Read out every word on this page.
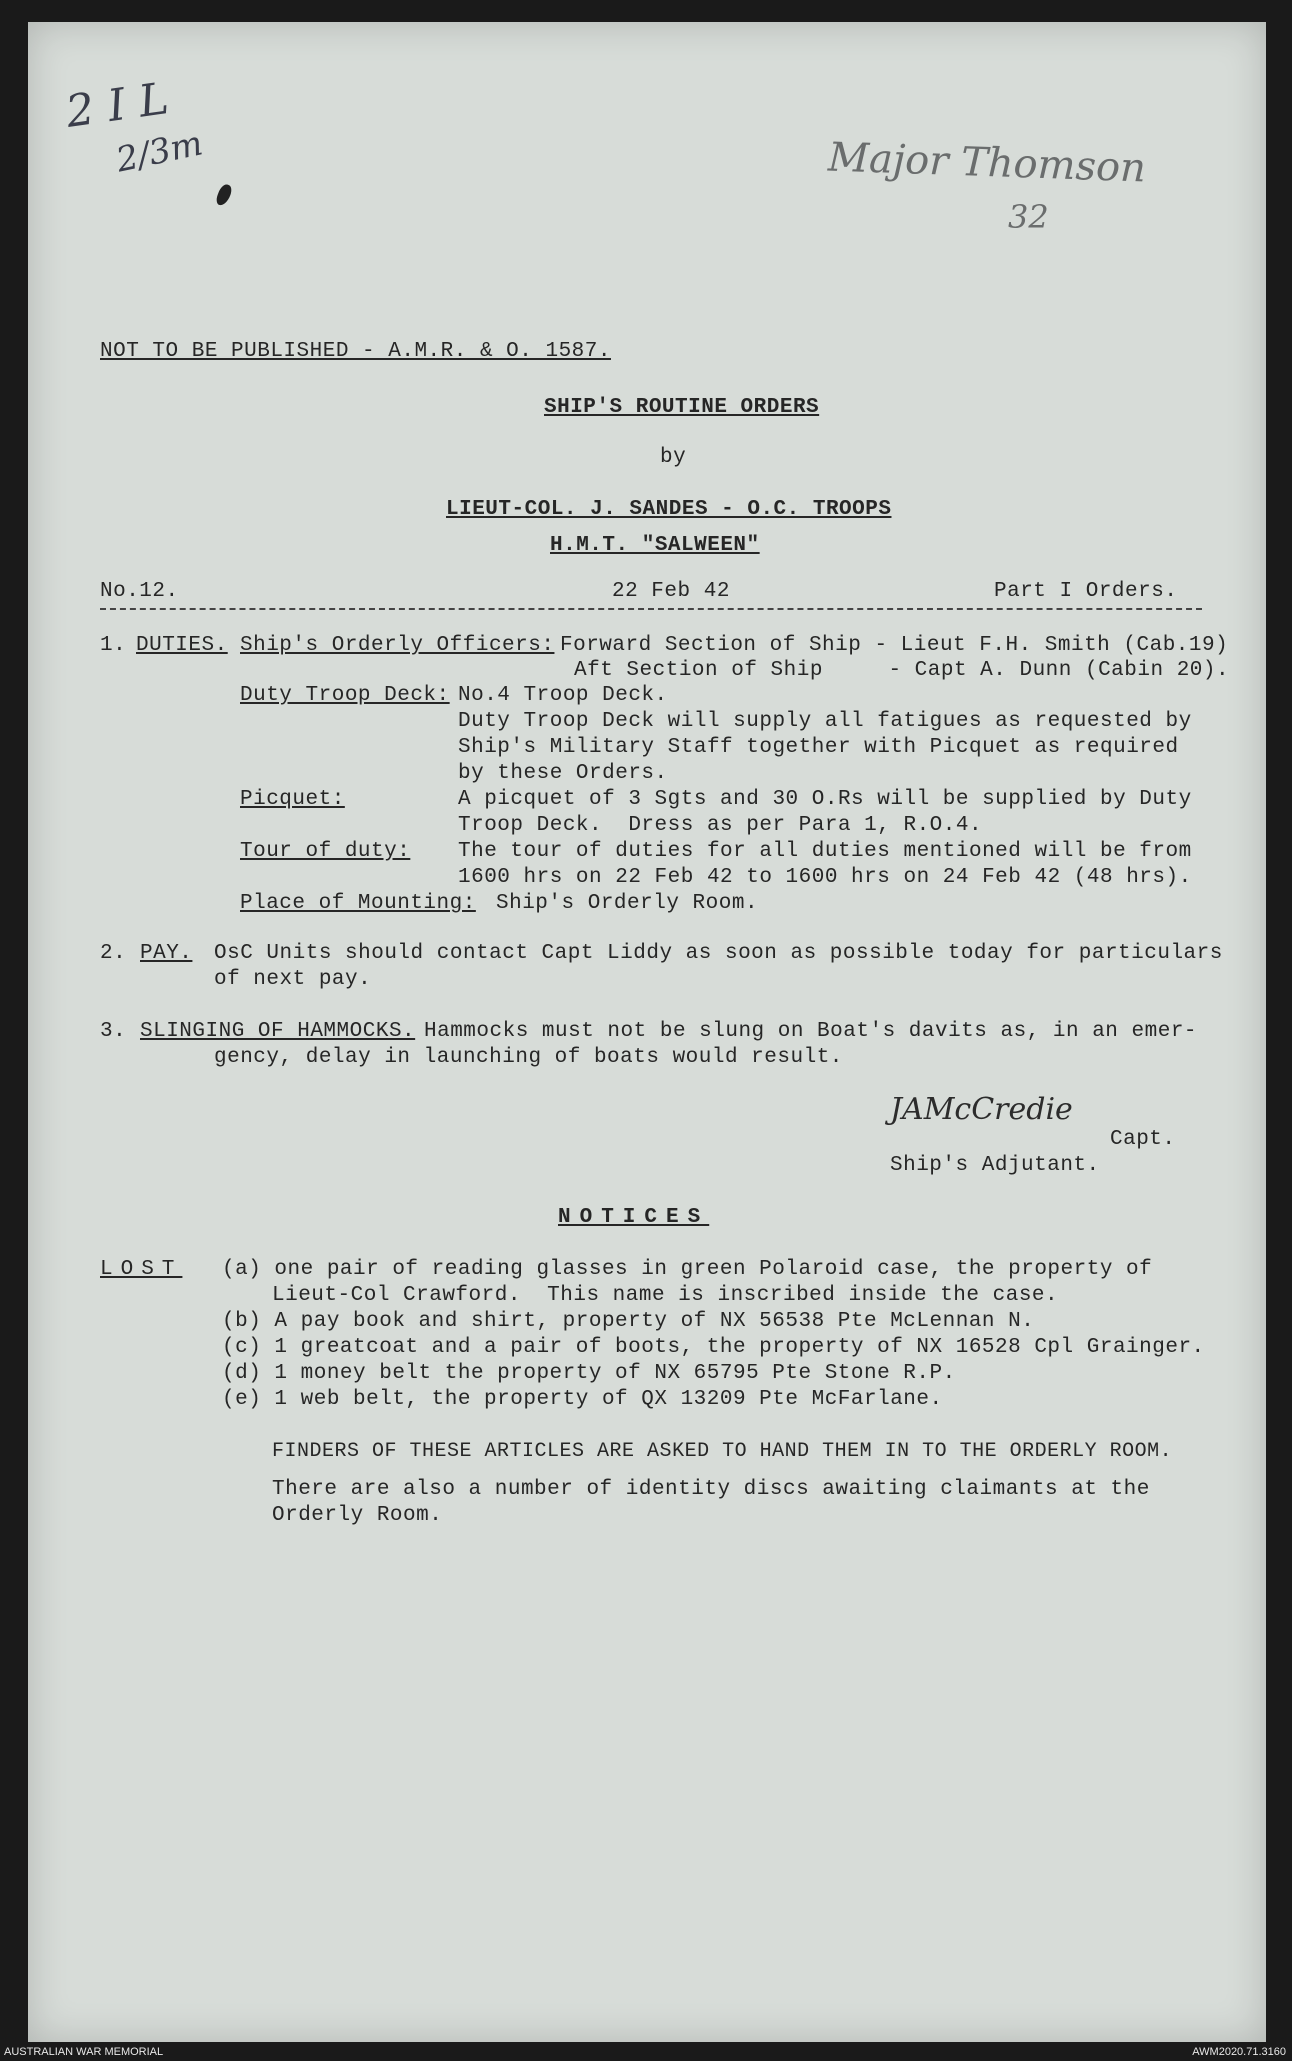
2 I L
2/3m	Major Thomson
32
NOT TO BE PUBLISHED - A.M.R. & O. 1587.
SHIP'S ROUTINE ORDERS
by
LIEUT-COL. J. SANDES - O.C. TROOPS
H.M.T. "SALWEEN"
No.12.	22 Feb 42	Part I Orders.
1. DUTIES. Ship's Orderly Officers: Forward Section of Ship - Lieut F.H. Smith (Cab.19)
Aft Section of Ship     - Capt A. Dunn (Cabin 20).
Duty Troop Deck: No.4 Troop Deck.
Duty Troop Deck will supply all fatigues as requested by
Ship's Military Staff together with Picquet as required
by these Orders.
Picquet:	A picquet of 3 Sgts and 30 O.Rs will be supplied by Duty
Troop Deck.  Dress as per Para 1, R.O.4.
Tour of duty: The tour of duties for all duties mentioned will be from
1600 hrs on 22 Feb 42 to 1600 hrs on 24 Feb 42 (48 hrs).
Place of Mounting: Ship's Orderly Room.
2. PAY. OsC Units should contact Capt Liddy as soon as possible today for particulars
of next pay.
3. SLINGING OF HAMMOCKS. Hammocks must not be slung on Boat's davits as, in an emer-
gency, delay in launching of boats would result.
JAMcCredie
Capt.
Ship's Adjutant.
NOTICES
LOST (a) one pair of reading glasses in green Polaroid case, the property of
Lieut-Col Crawford.  This name is inscribed inside the case.
(b) A pay book and shirt, property of NX 56538 Pte McLennan N.
(c) 1 greatcoat and a pair of boots, the property of NX 16528 Cpl Grainger.
(d) 1 money belt the property of NX 65795 Pte Stone R.P.
(e) 1 web belt, the property of QX 13209 Pte McFarlane.
FINDERS OF THESE ARTICLES ARE ASKED TO HAND THEM IN TO THE ORDERLY ROOM.
There are also a number of identity discs awaiting claimants at the
Orderly Room.
AUSTRALIAN WAR MEMORIAL	AWM2020.71.3160
